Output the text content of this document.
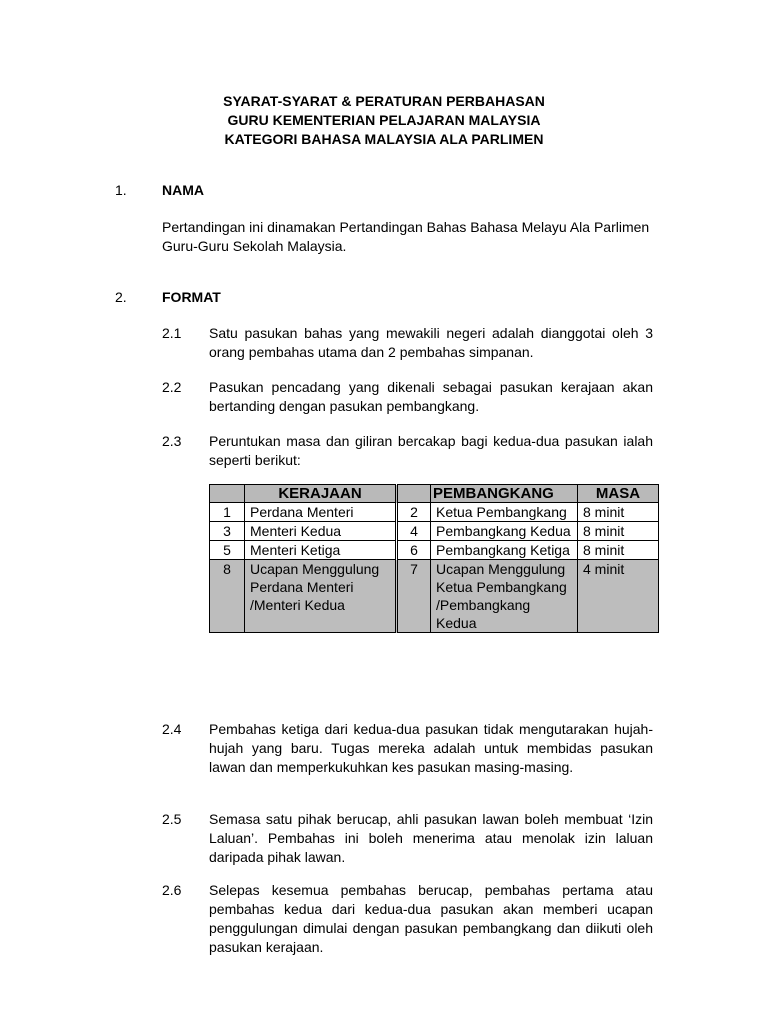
SYARAT-SYARAT & PERATURAN PERBAHASAN
GURU KEMENTERIAN PELAJARAN MALAYSIA
KATEGORI BAHASA MALAYSIA ALA PARLIMEN
1.	NAMA
Pertandingan ini dinamakan Pertandingan Bahas Bahasa Melayu Ala Parlimen Guru-Guru Sekolah Malaysia.
2.	FORMAT
2.1 Satu pasukan bahas yang mewakili negeri adalah dianggotai oleh 3 orang pembahas utama dan 2 pembahas simpanan.
2.2 Pasukan pencadang yang dikenali sebagai pasukan kerajaan akan bertanding dengan pasukan pembangkang.
2.3 Peruntukan masa dan giliran bercakap bagi kedua-dua pasukan ialah seperti berikut:
	KERAJAAN		PEMBANGKANG	MASA
1	Perdana Menteri	2	Ketua Pembangkang	8 minit
3	Menteri Kedua	4	Pembangkang Kedua	8 minit
5	Menteri Ketiga	6	Pembangkang Ketiga	8 minit
8	Ucapan Menggulung Perdana Menteri /Menteri Kedua	7	Ucapan Menggulung Ketua Pembangkang /Pembangkang Kedua	4 minit
2.4 Pembahas ketiga dari kedua-dua pasukan tidak mengutarakan hujah-hujah yang baru. Tugas mereka adalah untuk membidas pasukan lawan dan memperkukuhkan kes pasukan masing-masing.
2.5 Semasa satu pihak berucap, ahli pasukan lawan boleh membuat ‘Izin Laluan’. Pembahas ini boleh menerima atau menolak izin laluan daripada pihak lawan.
2.6 Selepas kesemua pembahas berucap, pembahas pertama atau pembahas kedua dari kedua-dua pasukan akan memberi ucapan penggulungan dimulai dengan pasukan pembangkang dan diikuti oleh pasukan kerajaan.
